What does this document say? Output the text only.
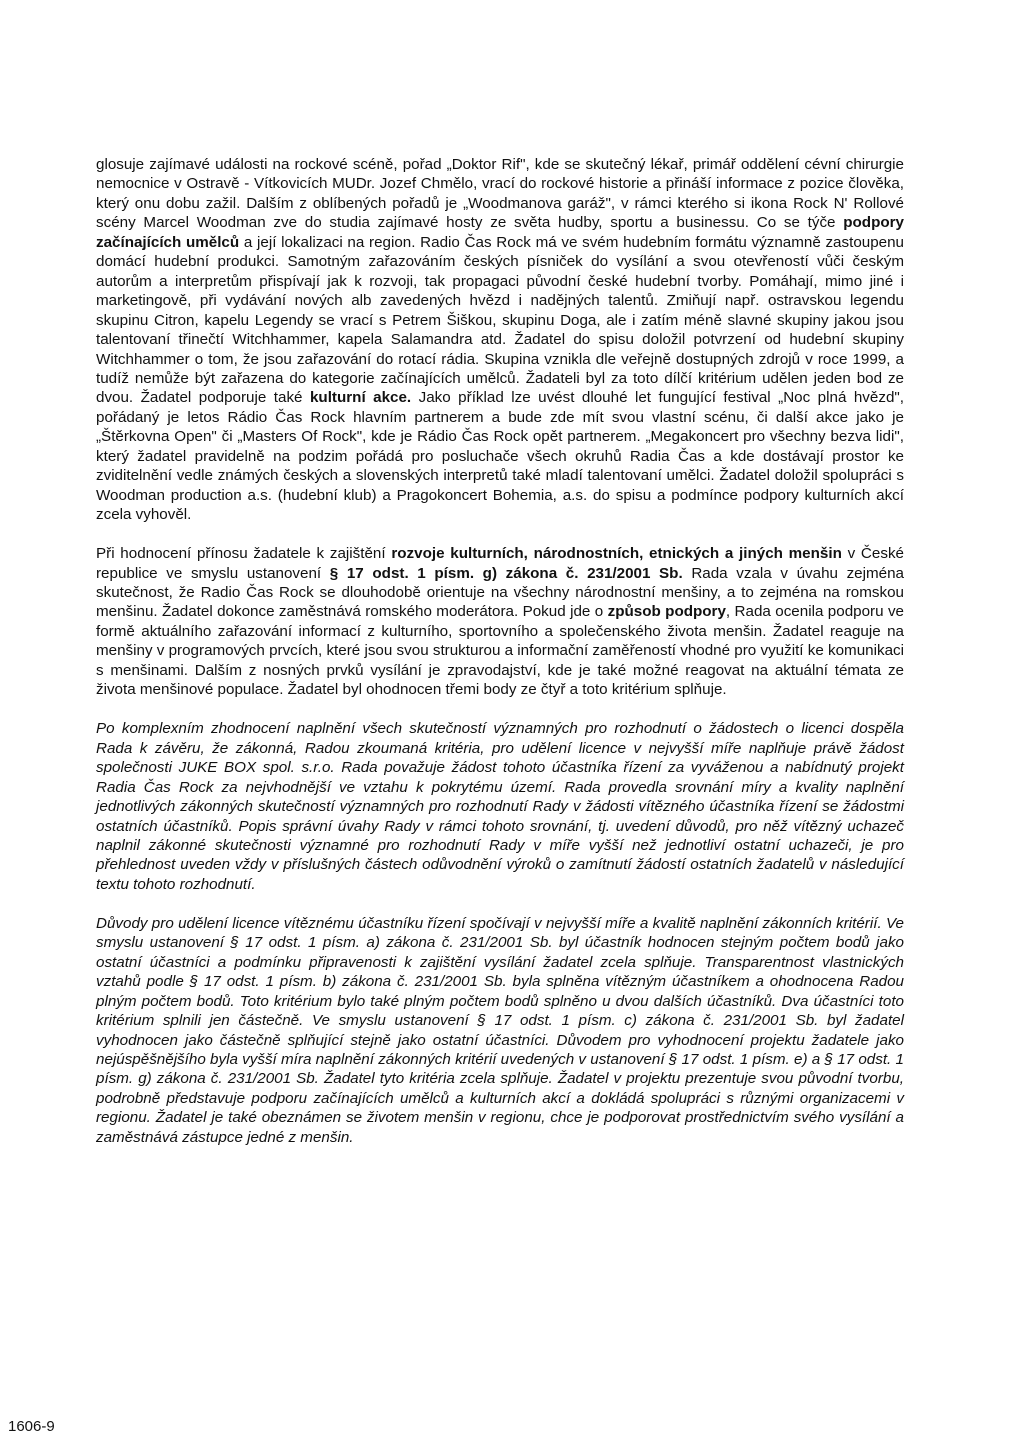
glosuje zajímavé události na rockové scéně, pořad „Doktor Rif", kde se skutečný lékař, primář oddělení cévní chirurgie nemocnice v Ostravě - Vítkovicích MUDr. Jozef Chmělo, vrací do rockové historie a přináší informace z pozice člověka, který onu dobu zažil. Dalším z oblíbených pořadů je „Woodmanova garáž", v rámci kterého si ikona Rock N' Rollové scény Marcel Woodman zve do studia zajímavé hosty ze světa hudby, sportu a businessu. Co se týče podpory začínajících umělců a její lokalizaci na region. Radio Čas Rock má ve svém hudebním formátu významně zastoupenu domácí hudební produkci. Samotným zařazováním českých písniček do vysílání a svou otevřeností vůči českým autorům a interpretům přispívají jak k rozvoji, tak propagaci původní české hudební tvorby. Pomáhají, mimo jiné i marketingově, při vydávání nových alb zavedených hvězd i nadějných talentů. Zmiňují např. ostravskou legendu skupinu Citron, kapelu Legendy se vrací s Petrem Šiškou, skupinu Doga, ale i zatím méně slavné skupiny jakou jsou talentovaní třinečtí Witchhammer, kapela Salamandra atd. Žadatel do spisu doložil potvrzení od hudební skupiny Witchhammer o tom, že jsou zařazování do rotací rádia. Skupina vznikla dle veřejně dostupných zdrojů v roce 1999, a tudíž nemůže být zařazena do kategorie začínajících umělců. Žadateli byl za toto dílčí kritérium udělen jeden bod ze dvou. Žadatel podporuje také kulturní akce. Jako příklad lze uvést dlouhé let fungující festival „Noc plná hvězd", pořádaný je letos Rádio Čas Rock hlavním partnerem a bude zde mít svou vlastní scénu, či další akce jako je „Štěrkovna Open" či „Masters Of Rock", kde je Rádio Čas Rock opět partnerem. „Megakoncert pro všechny bezva lidi", který žadatel pravidelně na podzim pořádá pro posluchače všech okruhů Radia Čas a kde dostávají prostor ke zviditelnění vedle známých českých a slovenských interpretů také mladí talentovaní umělci. Žadatel doložil spolupráci s Woodman production a.s. (hudební klub) a Pragokoncert Bohemia, a.s. do spisu a podmínce podpory kulturních akcí zcela vyhověl.

Při hodnocení přínosu žadatele k zajištění rozvoje kulturních, národnostních, etnických a jiných menšin v České republice ve smyslu ustanovení § 17 odst. 1 písm. g) zákona č. 231/2001 Sb. Rada vzala v úvahu zejména skutečnost, že Radio Čas Rock se dlouhodobě orientuje na všechny národnostní menšiny, a to zejména na romskou menšinu. Žadatel dokonce zaměstnává romského moderátora. Pokud jde o způsob podpory, Rada ocenila podporu ve formě aktuálního zařazování informací z kulturního, sportovního a společenského života menšin. Žadatel reaguje na menšiny v programových prvcích, které jsou svou strukturou a informační zaměřeností vhodné pro využití ke komunikaci s menšinami. Dalším z nosných prvků vysílání je zpravodajství, kde je také možné reagovat na aktuální témata ze života menšinové populace. Žadatel byl ohodnocen třemi body ze čtyř a toto kritérium splňuje.

Po komplexním zhodnocení naplnění všech skutečností významných pro rozhodnutí o žádostech o licenci dospěla Rada k závěru, že zákonná, Radou zkoumaná kritéria, pro udělení licence v nejvyšší míře naplňuje právě žádost společnosti JUKE BOX spol. s.r.o. Rada považuje žádost tohoto účastníka řízení za vyváženou a nabídnutý projekt Radia Čas Rock za nejvhodnější ve vztahu k pokrytému území. Rada provedla srovnání míry a kvality naplnění jednotlivých zákonných skutečností významných pro rozhodnutí Rady v žádosti vítězného účastníka řízení se žádostmi ostatních účastníků. Popis správní úvahy Rady v rámci tohoto srovnání, tj. uvedení důvodů, pro něž vítězný uchazeč naplnil zákonné skutečnosti významné pro rozhodnutí Rady v míře vyšší než jednotliví ostatní uchazeči, je pro přehlednost uveden vždy v příslušných částech odůvodnění výroků o zamítnutí žádostí ostatních žadatelů v následující textu tohoto rozhodnutí.

Důvody pro udělení licence vítěznému účastníku řízení spočívají v nejvyšší míře a kvalitě naplnění zákonních kritérií. Ve smyslu ustanovení § 17 odst. 1 písm. a) zákona č. 231/2001 Sb. byl účastník hodnocen stejným počtem bodů jako ostatní účastníci a podmínku připravenosti k zajištění vysílání žadatel zcela splňuje. Transparentnost vlastnických vztahů podle § 17 odst. 1 písm. b) zákona č. 231/2001 Sb. byla splněna vítězným účastníkem a ohodnocena Radou plným počtem bodů. Toto kritérium bylo také plným počtem bodů splněno u dvou dalších účastníků. Dva účastníci toto kritérium splnili jen částečně. Ve smyslu ustanovení § 17 odst. 1 písm. c) zákona č. 231/2001 Sb. byl žadatel vyhodnocen jako částečně splňující stejně jako ostatní účastníci. Důvodem pro vyhodnocení projektu žadatele jako nejúspěšnějšího byla vyšší míra naplnění zákonných kritérií uvedených v ustanovení § 17 odst. 1 písm. e) a § 17 odst. 1 písm. g) zákona č. 231/2001 Sb. Žadatel tyto kritéria zcela splňuje. Žadatel v projektu prezentuje svou původní tvorbu, podrobně představuje podporu začínajících umělců a kulturních akcí a dokládá spolupráci s různými organizacemi v regionu. Žadatel je také obeznámen se životem menšin v regionu, chce je podporovat prostřednictvím svého vysílání a zaměstnává zástupce jedné z menšin.

1606-9
